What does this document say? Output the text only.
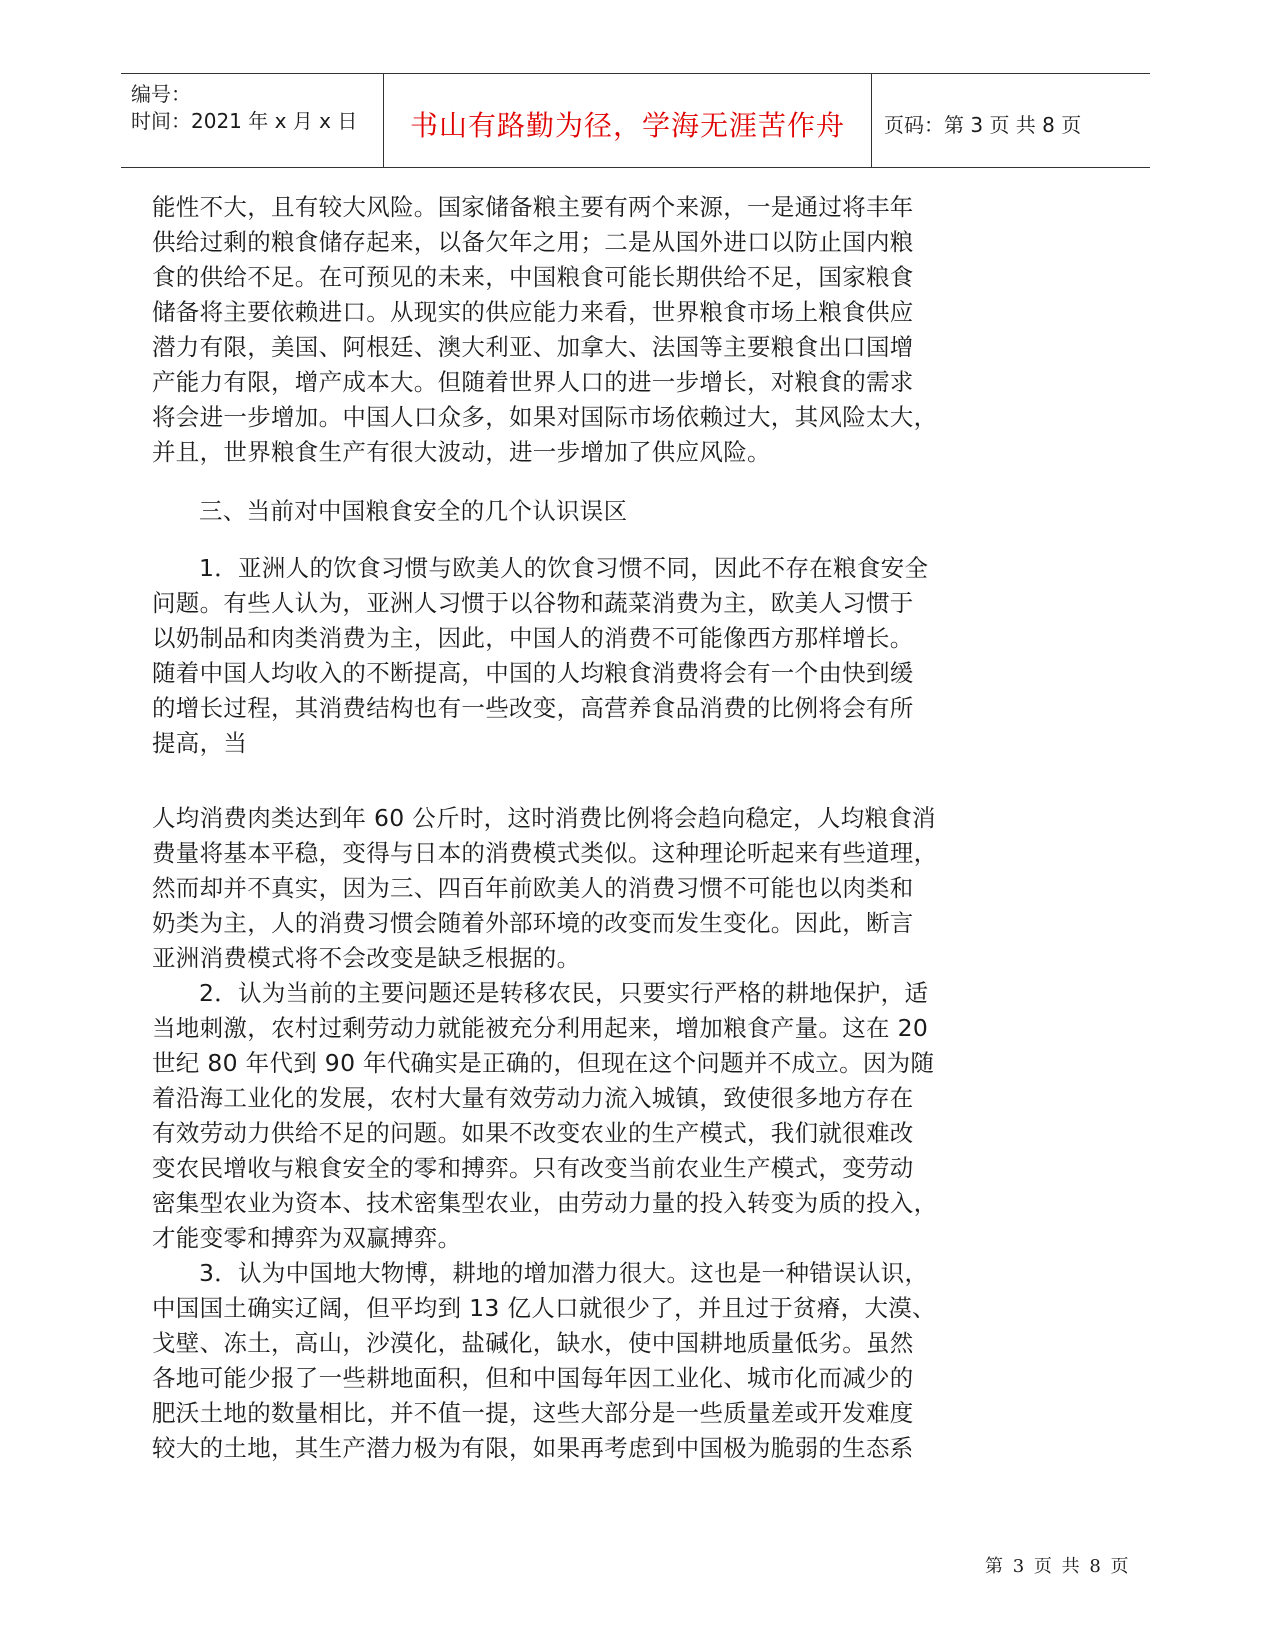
编号：
时间：2021 年 x 月 x 日	书山有路勤为径，学海无涯苦作舟	页码：第 3 页 共 8 页
能性不大，且有较大风险。国家储备粮主要有两个来源，一是通过将丰年
供给过剩的粮食储存起来，以备欠年之用；二是从国外进口以防止国内粮
食的供给不足。在可预见的未来，中国粮食可能长期供给不足，国家粮食
储备将主要依赖进口。从现实的供应能力来看，世界粮食市场上粮食供应
潜力有限，美国、阿根廷、澳大利亚、加拿大、法国等主要粮食出口国增
产能力有限，增产成本大。但随着世界人口的进一步增长，对粮食的需求
将会进一步增加。中国人口众多，如果对国际市场依赖过大，其风险太大，
并且，世界粮食生产有很大波动，进一步增加了供应风险。
三、当前对中国粮食安全的几个认识误区
1．亚洲人的饮食习惯与欧美人的饮食习惯不同，因此不存在粮食安全
问题。有些人认为，亚洲人习惯于以谷物和蔬菜消费为主，欧美人习惯于
以奶制品和肉类消费为主，因此，中国人的消费不可能像西方那样增长。
随着中国人均收入的不断提高，中国的人均粮食消费将会有一个由快到缓
的增长过程，其消费结构也有一些改变，高营养食品消费的比例将会有所
提高，当
人均消费肉类达到年 60 公斤时，这时消费比例将会趋向稳定，人均粮食消
费量将基本平稳，变得与日本的消费模式类似。这种理论听起来有些道理，
然而却并不真实，因为三、四百年前欧美人的消费习惯不可能也以肉类和
奶类为主，人的消费习惯会随着外部环境的改变而发生变化。因此，断言
亚洲消费模式将不会改变是缺乏根据的。
2．认为当前的主要问题还是转移农民，只要实行严格的耕地保护，适
当地刺激，农村过剩劳动力就能被充分利用起来，增加粮食产量。这在 20
世纪 80 年代到 90 年代确实是正确的，但现在这个问题并不成立。因为随
着沿海工业化的发展，农村大量有效劳动力流入城镇，致使很多地方存在
有效劳动力供给不足的问题。如果不改变农业的生产模式，我们就很难改
变农民增收与粮食安全的零和搏弈。只有改变当前农业生产模式，变劳动
密集型农业为资本、技术密集型农业，由劳动力量的投入转变为质的投入，
才能变零和搏弈为双赢搏弈。
3．认为中国地大物博，耕地的增加潜力很大。这也是一种错误认识，
中国国土确实辽阔，但平均到 13 亿人口就很少了，并且过于贫瘠，大漠、
戈壁、冻土，高山，沙漠化，盐碱化，缺水，使中国耕地质量低劣。虽然
各地可能少报了一些耕地面积，但和中国每年因工业化、城市化而减少的
肥沃土地的数量相比，并不值一提，这些大部分是一些质量差或开发难度
较大的土地，其生产潜力极为有限，如果再考虑到中国极为脆弱的生态系
第 3 页 共 8 页
